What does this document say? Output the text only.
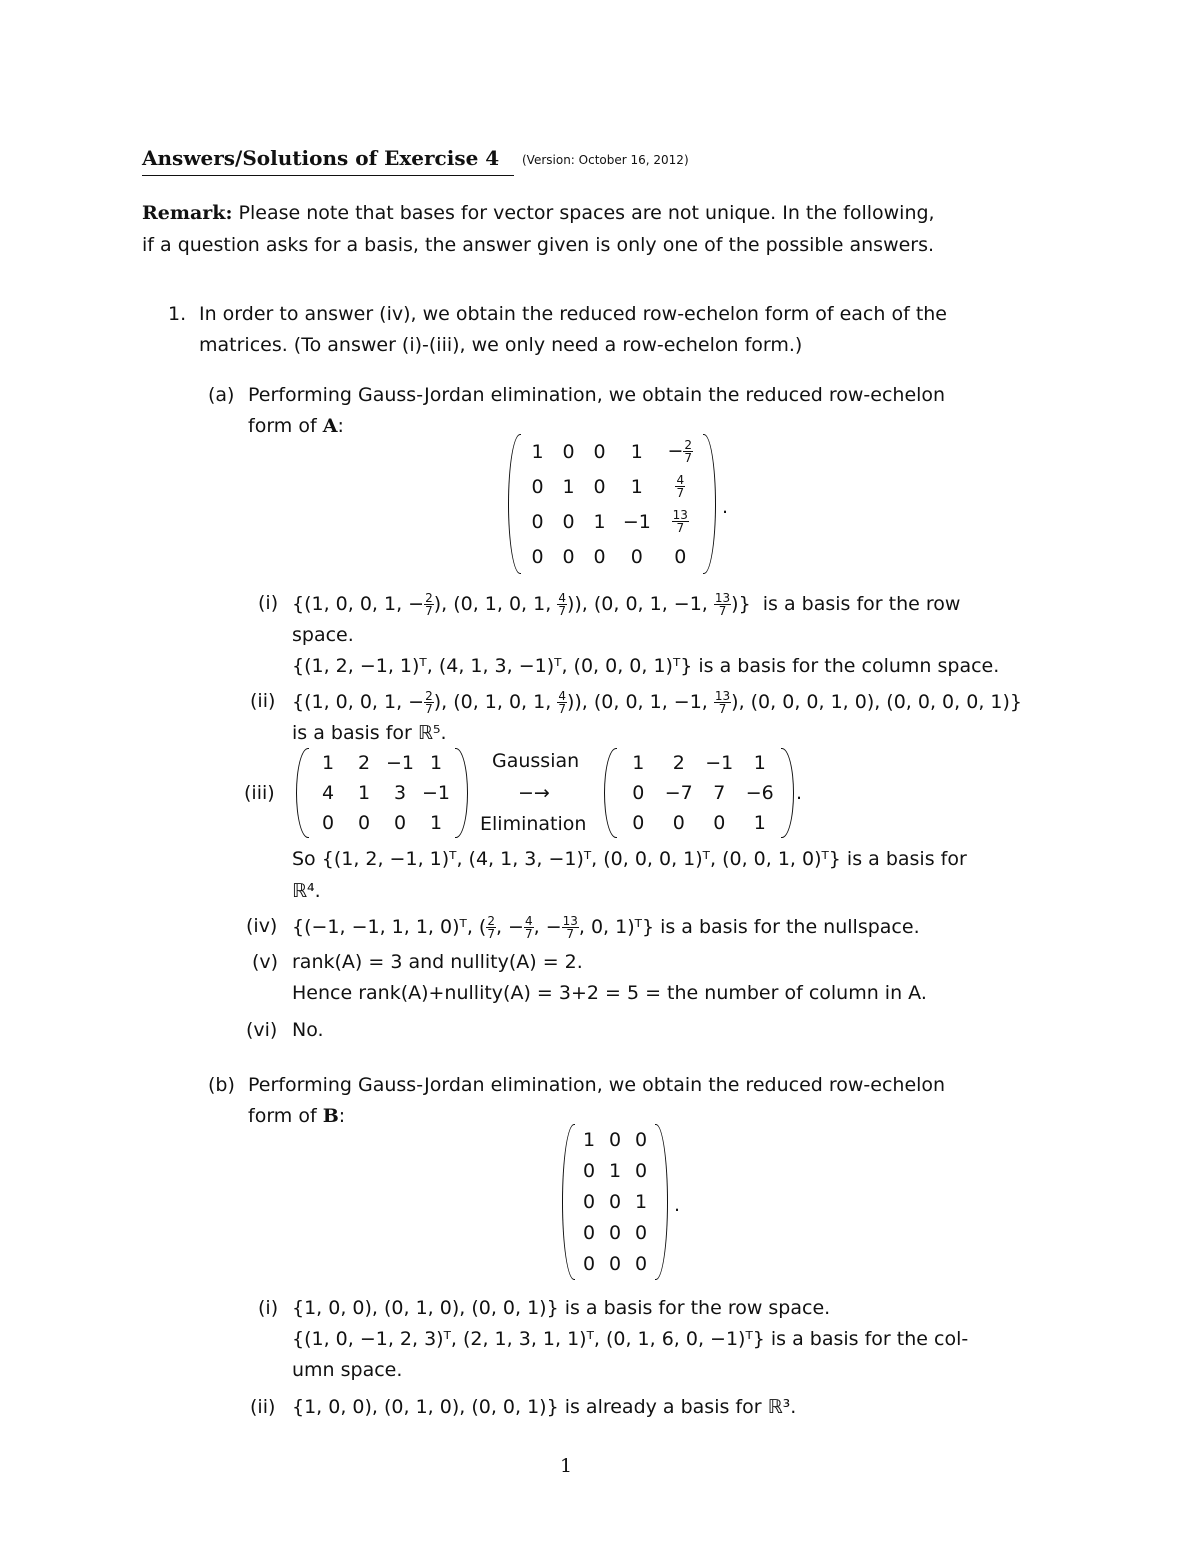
Answers/Solutions of Exercise 4 (Version: October 16, 2012)
Remark: Please note that bases for vector spaces are not unique. In the following,
if a question asks for a basis, the answer given is only one of the possible answers.
1. In order to answer (iv), we obtain the reduced row-echelon form of each of the
matrices. (To answer (i)-(iii), we only need a row-echelon form.)
(a) Performing Gauss-Jordan elimination, we obtain the reduced row-echelon
form of A:
1 0 0	1	− $\frac{2}{7}$
0 1 0	1	$\frac{4}{7}$
0 0 1 −1	$\frac{13}{7}$
0 0 0	0	0
.
(i) {(1, 0, 0, 1, − $\frac{2}{7}$ ), (0, 1, 0, 1, $\frac{4}{7}$ )), (0, 0, 1, −1, $\frac{13}{7}$ )}  is a basis for the row
space.
{(1, 2, −1, 1)ᵀ, (4, 1, 3, −1)ᵀ, (0, 0, 0, 1)ᵀ} is a basis for the column space.
(ii) {(1, 0, 0, 1, − $\frac{2}{7}$ ), (0, 1, 0, 1, $\frac{4}{7}$ )), (0, 0, 1, −1, $\frac{13}{7}$ ), (0, 0, 0, 1, 0), (0, 0, 0, 0, 1)}
is a basis for ℝ⁵.
(iii)
1	2 −1 1
4	1	3 −1
0	0	0	1
Gaussian
−→
Elimination
1	2	−1	1
0	−7	7	−6
0	0	0	1
.
So {(1, 2, −1, 1)ᵀ, (4, 1, 3, −1)ᵀ, (0, 0, 0, 1)ᵀ, (0, 0, 1, 0)ᵀ} is a basis for
ℝ⁴.
(iv) {(−1, −1, 1, 1, 0)ᵀ, ( $\frac{2}{7}$ , − $\frac{4}{7}$ , − $\frac{13}{7}$ , 0, 1)ᵀ} is a basis for the nullspace.
(v) rank(A) = 3 and nullity(A) = 2.
Hence rank(A)+nullity(A) = 3+2 = 5 = the number of column in A.
(vi) No.
(b) Performing Gauss-Jordan elimination, we obtain the reduced row-echelon
form of B:
1 0 0
0 1 0
0 0 1
0 0 0
0 0 0
.
(i) {1, 0, 0), (0, 1, 0), (0, 0, 1)} is a basis for the row space.
{(1, 0, −1, 2, 3)ᵀ, (2, 1, 3, 1, 1)ᵀ, (0, 1, 6, 0, −1)ᵀ} is a basis for the col-
umn space.
(ii) {1, 0, 0), (0, 1, 0), (0, 0, 1)} is already a basis for ℝ³.
1
